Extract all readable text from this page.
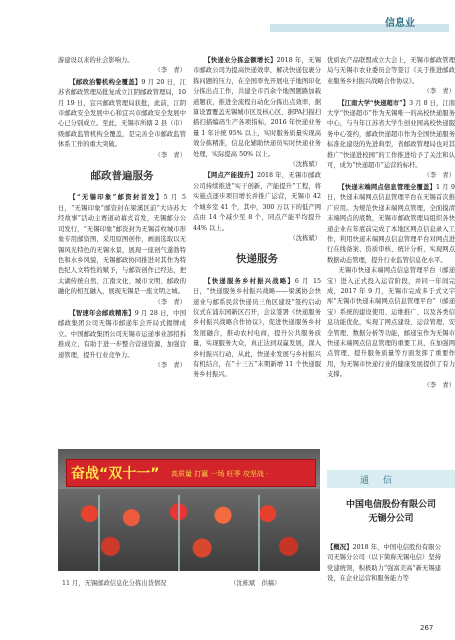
信息业

游建设以来的社会影响力。

（李　青）

【邮政治警机构全覆盖】9 月 20 日，江苏省邮政管理局批复成立江阴邮政管理局，10 月 19 日，宜兴邮政管理局获批，此前，江阴市邮政安全发展中心和宜兴市邮政安全发展中心已分别成立。至此，无锡市所辖 2 县（市）级邮政监管机构全覆盖，是完善全市邮政监管体系工作的重大突破。

（李　青）
邮政普遍服务

【“无锡印象”邮资封首发】5 月 5 日，“无锡印象”邮资封在梁溪区前“大诗苏大经故事”活动主赛道动幕式首发，无锡邮分公司发行，“无锡印象”邮资封为无锡首枚城市形象专用邮资图，采用原图创作，画面选取以无锡风光特色的无锡水景，展现一座创气蓬勃特色和水乡风貌，无锡邮政协同推进对其作为特色纪人文特性的赋予，与邮资创作已经达，把太湖传统自然、江南文化、城市文明、邮政的融化的相互融入，展现无锡是一座文明之城。

（李　青）

【智速年会邮政精准】9 月 28 日，中国邮政集团公司无锡市邮递年会开局式揭牌成立。中国邮政集团公司无锡市运递事业部招拆推成立，有助于进一步整合营递资源，加强营递管理，提升行业竞争力。

（李　青）

【快递业分拣金额增长】2018 年，无锡市邮政公司为提高快递效率，解决快递包裹分拣问题的压力，在全国率先开展电子地图印化分拣出点工作，共建全市百余个地图题路加载道题获，推进全流程自动化分拣出点效率，据算设置覆盖无锡城市区及核心区、据PA扫描扫描扫描编码生产各项指标，2016 年快递业务量 1 年计统 95% 以上，实时服务质量实现高效分拣精准，信息化辅助快递员实时快递业务处理，实际提高 50% 以上。

（沈栋斌）

【网点产能提升】2018 年，无锡市邮政公司持续推进“实干创新，产能提升”工程，将实施点逐步项目增长并推广运营，无锡市 42 个城乡室 41 个，其中，300 万以下的低产网点由 14 个减少至 8 个，同点产能平均提升 44% 以上。

（沈栋斌）
快递服务

【快递服务乡村振兴战略】6 月 15 日，“快递服务乡村振兴战略——梁溪协会快递业与邮系民营快递员三角区建设”签约启动仪式在浦东园新区召开，会议签署《快递服务乡村振兴战略合作协议》，促进快递服务乡村发展融合，推动农村电商，提升公共服务质量，实现服务大众，真正达到双赢发展，深入乡村振兴行动，从此，快递业发展与乡村振兴有机结合，在“十三五”末期新增 11 个快递服务乡村振兴。

优质农产品联盟成立大会上，无锡市邮政管理局与无锡市农业委员会等签订《关于推进邮政业服务乡村振兴战略合作协议》。

（李　青）

【江南大学“快递超市”】3 月 8 日，江南大学“快递超市”作为无锡唯一的高校快递服务中心，与当年江苏省大学生创业园高校快递服务中心签约，邮政快递超市作为全国快递服务标准化建设的先进典型，省邮政管理局也对其推广“快递进校园”的工作推进给予了关注和认可，成为“快递超市”运营的标杆。

（李　青）

【快递末端网点信息管理全覆盖】1 月 9 日，快递末端网点信息管理平台在无锡首次推广应用。为规范快递末端网点管理，全面摸清末端网点的底数，无锡市邮政管理局组织各快递企业在年底前完成了本地区网点信息录入工作，利用快递末端网点信息管理平台对网点进行在线备案、资质审核、统计分析，实现网点数据动态管理，提升行业监管信息化水平。

无锡市快递末端网点信息管理平台（邮递宝）进入正式投入运营阶段，并同一年间完成，2017 年 9 月，无锡市完成多于式文字库“无锡市快递末端网点信息管理平台”（邮递宝）系统的建设使用、运维推广、以及各类信息功能优化，实现了网点建设、运营管理、安全管理、数据分析等功能，邮递宝作为无锡市快递末端网点信息管理的重要工具，在加强网点管理、提升服务质量等方面发挥了重要作用，为无锡市快递行业的健康发展提供了有力支撑。

（李　青）
奋战“双十一” 高质量 打赢 一场 旺季 攻坚战 ·
11 月，无锡邮政信息化分拣出货情况	（沈栋斌　供稿）
通信
中国电信股份有限公司
无锡分公司

【概况】2018 年，中国电信股份有限公司无锡分公司（以下简称无锡电信）坚持党建统领，积极助力“强富美高”新无锡建设，在企业运营和服务能力等

267
